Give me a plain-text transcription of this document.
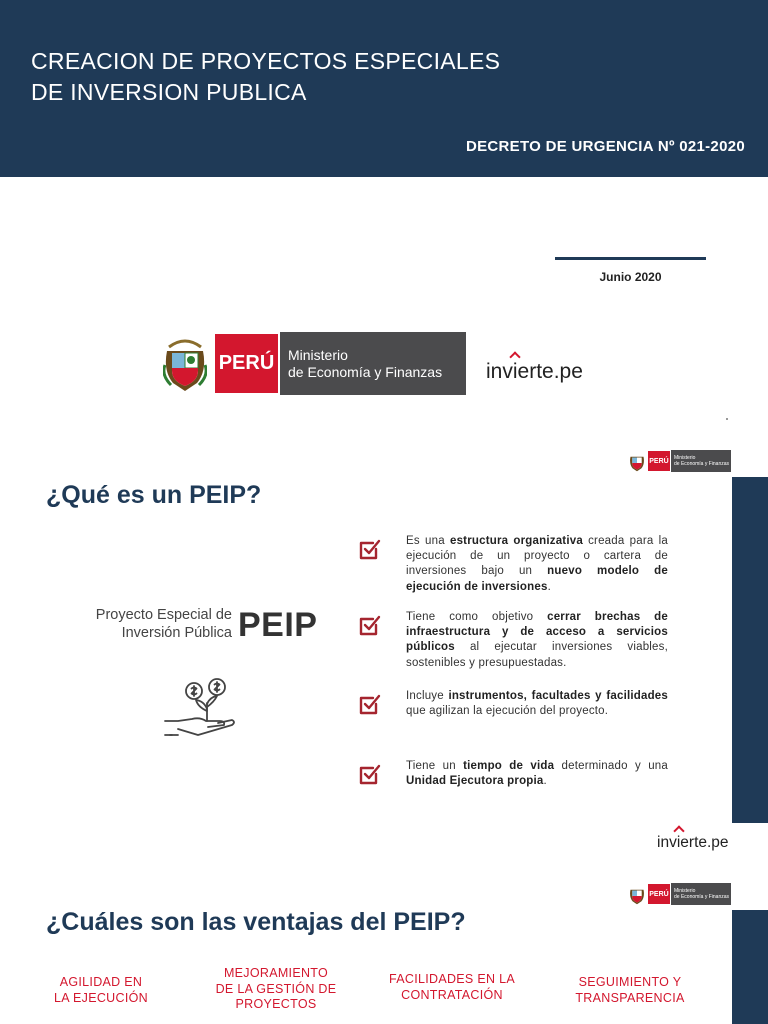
CREACION DE PROYECTOS ESPECIALES
DE INVERSION PUBLICA
DECRETO DE URGENCIA Nº 021-2020
Junio 2020
PERÚ Ministerio
de Economía y Finanzas	invierte.pe
PERÚ	Ministerio
de Economía y Finanzas
¿Qué es un PEIP?
Proyecto Especial de
Inversión Pública PEIP
Es una estructura organizativa creada para la ejecución de un proyecto o cartera de inversiones bajo un nuevo modelo de ejecución de inversiones.
Tiene como objetivo cerrar brechas de infraestructura y de acceso a servicios públicos al ejecutar inversiones viables, sostenibles y presupuestadas.
Incluye instrumentos, facultades y facilidades que agilizan la ejecución del proyecto.
Tiene un tiempo de vida determinado y una Unidad Ejecutora propia.
invierte.pe
PERÚ	Ministerio
de Economía y Finanzas
¿Cuáles son las ventajas del PEIP?
AGILIDAD EN
LA EJECUCIÓN
MEJORAMIENTO
DE LA GESTIÓN DE
PROYECTOS
FACILIDADES EN LA
CONTRATACIÓN
SEGUIMIENTO Y
TRANSPARENCIA
